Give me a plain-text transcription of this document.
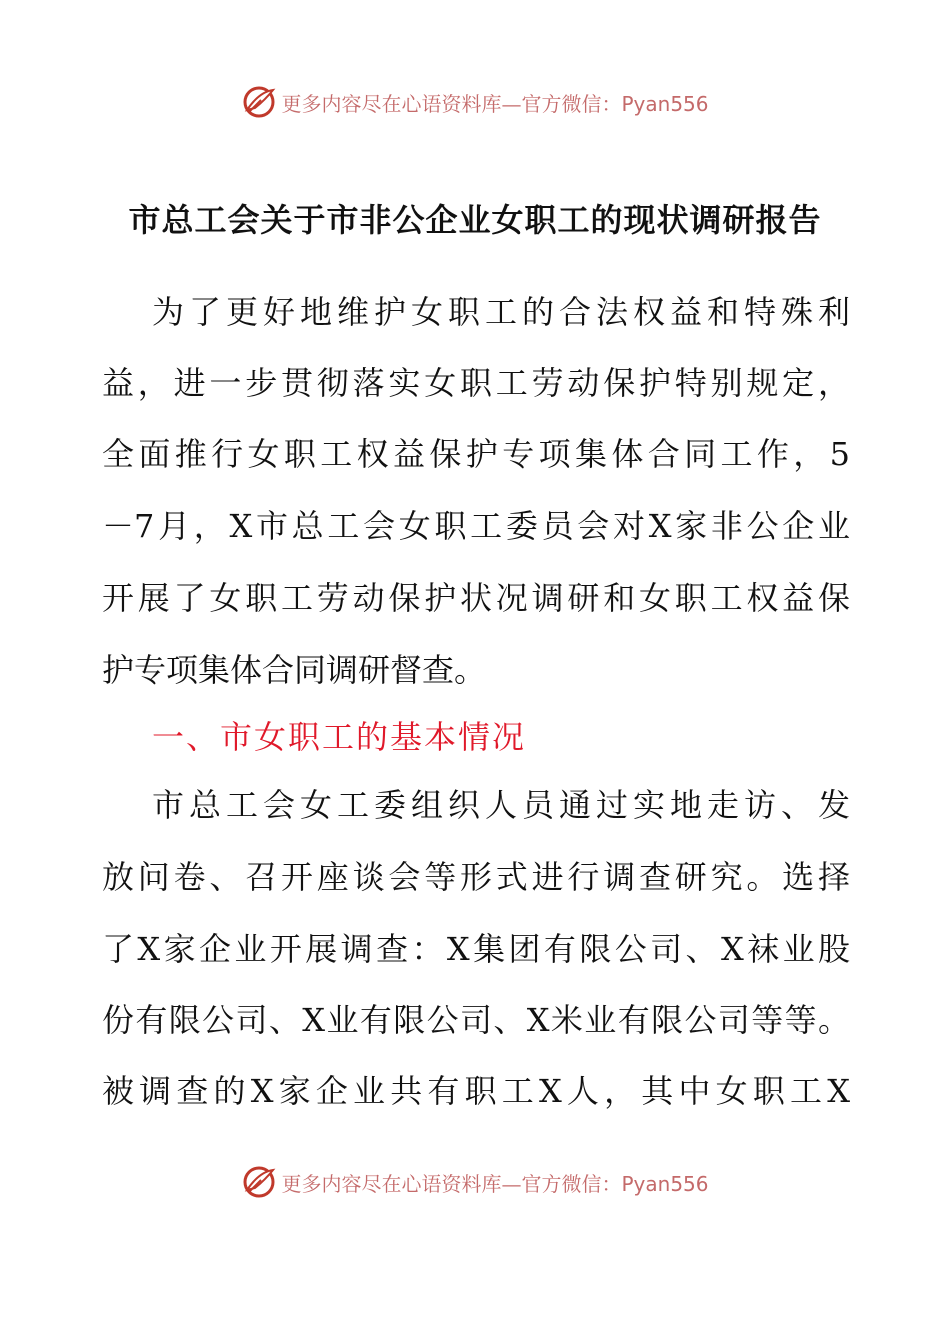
更多内容尽在心语资料库—官方微信：Pyan556
市总工会关于市非公企业女职工的现状调研报告
为了更好地维护女职工的合法权益和特殊利
益，进一步贯彻落实女职工劳动保护特别规定，
全面推行女职工权益保护专项集体合同工作，5
－7月，X市总工会女职工委员会对X家非公企业
开展了女职工劳动保护状况调研和女职工权益保
护专项集体合同调研督查。
一、市女职工的基本情况
市总工会女工委组织人员通过实地走访、发
放问卷、召开座谈会等形式进行调查研究。选择
了X家企业开展调查：X集团有限公司、X袜业股
份有限公司、X业有限公司、X米业有限公司等等。
被调查的X家企业共有职工X人，其中女职工X
更多内容尽在心语资料库—官方微信：Pyan556
